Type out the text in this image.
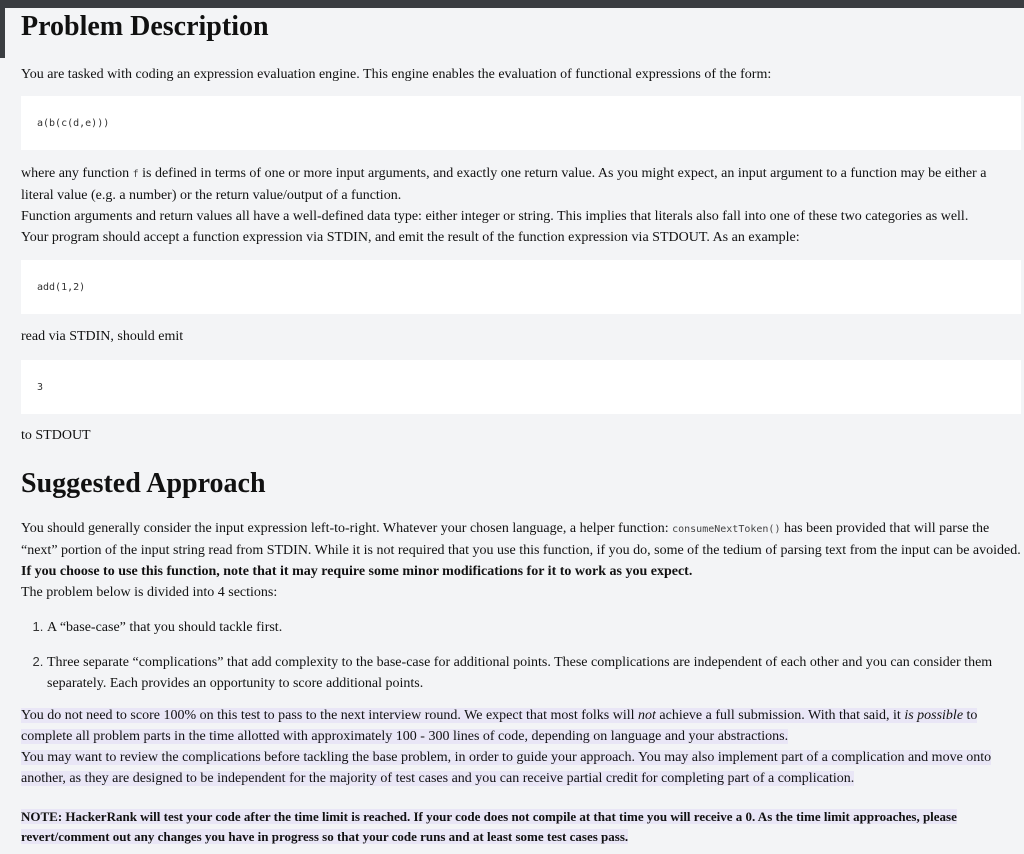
Problem Description

You are tasked with coding an expression evaluation engine. This engine enables the evaluation of functional expressions of the form:

a(b(c(d,e)))

where any function f is defined in terms of one or more input arguments, and exactly one return value. As you might expect, an input argument to a function may be either a literal value (e.g. a number) or the return value/output of a function.

Function arguments and return values all have a well-defined data type: either integer or string. This implies that literals also fall into one of these two categories as well.

Your program should accept a function expression via STDIN, and emit the result of the function expression via STDOUT. As an example:

add(1,2)

read via STDIN, should emit

3

to STDOUT

Suggested Approach

You should generally consider the input expression left-to-right. Whatever your chosen language, a helper function: consumeNextToken() has been provided that will parse the “next” portion of the input string read from STDIN. While it is not required that you use this function, if you do, some of the tedium of parsing text from the input can be avoided.

If you choose to use this function, note that it may require some minor modifications for it to work as you expect.

The problem below is divided into 4 sections:

1. A “base-case” that you should tackle first.
2. Three separate “complications” that add complexity to the base-case for additional points. These complications are independent of each other and you can consider them separately. Each provides an opportunity to score additional points.

You do not need to score 100% on this test to pass to the next interview round. We expect that most folks will not achieve a full submission. With that said, it is possible to complete all problem parts in the time allotted with approximately 100 - 300 lines of code, depending on language and your abstractions.

You may want to review the complications before tackling the base problem, in order to guide your approach. You may also implement part of a complication and move onto another, as they are designed to be independent for the majority of test cases and you can receive partial credit for completing part of a complication.

NOTE: HackerRank will test your code after the time limit is reached. If your code does not compile at that time you will receive a 0. As the time limit approaches, please revert/comment out any changes you have in progress so that your code runs and at least some test cases pass.
